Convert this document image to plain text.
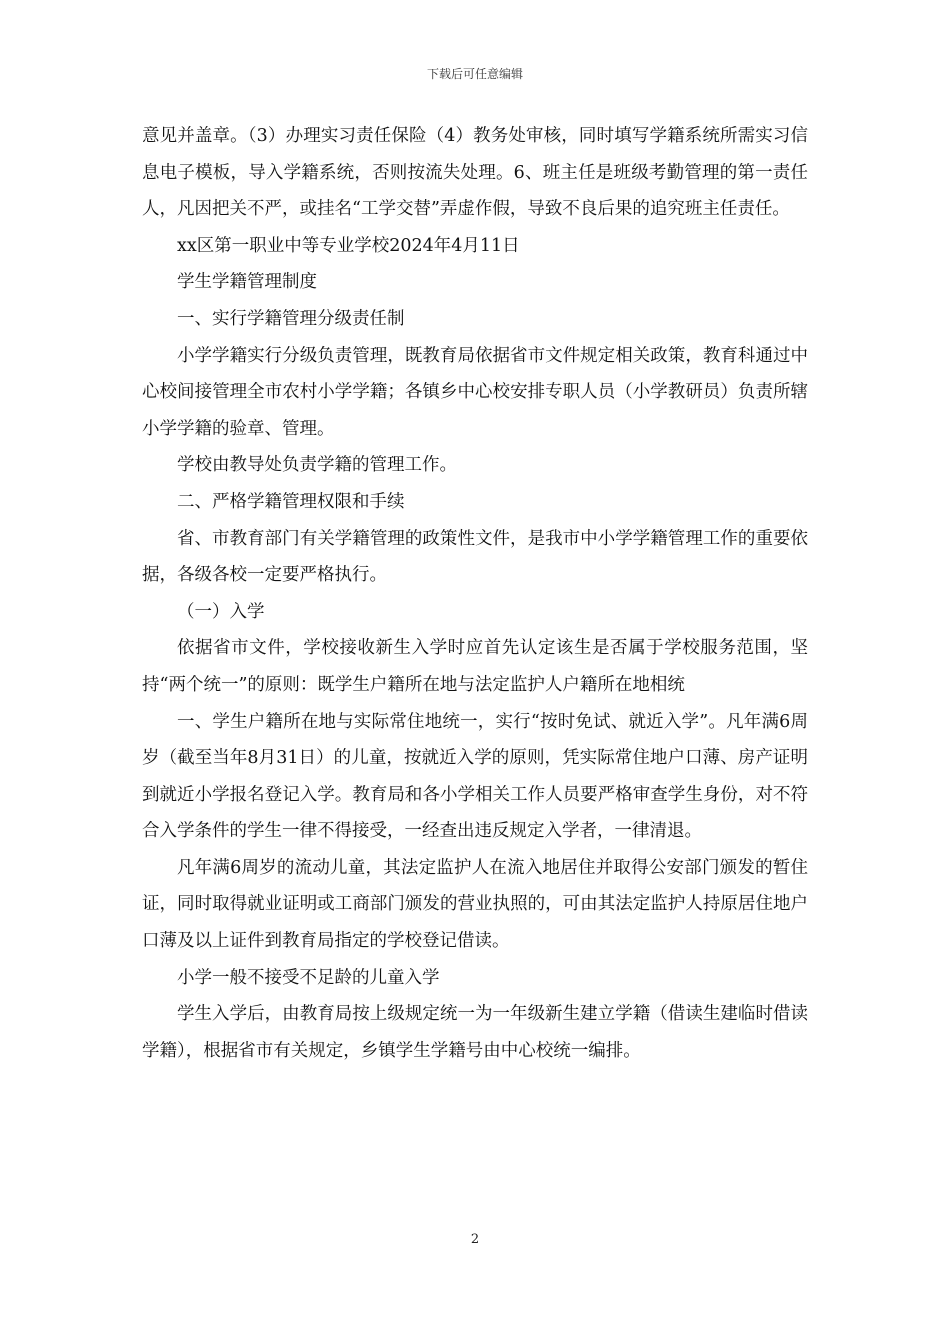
下载后可任意编辑

意见并盖章。（3）办理实习责任保险（4）教务处审核，同时填写学籍系统所需实习信息电子模板，导入学籍系统，否则按流失处理。6、班主任是班级考勤管理的第一责任人，凡因把关不严，或挂名“工学交替”弄虚作假，导致不良后果的追究班主任责任。

xx区第一职业中等专业学校2024年4月11日

学生学籍管理制度

一、实行学籍管理分级责任制

小学学籍实行分级负责管理，既教育局依据省市文件规定相关政策，教育科通过中心校间接管理全市农村小学学籍；各镇乡中心校安排专职人员（小学教研员）负责所辖小学学籍的验章、管理。

学校由教导处负责学籍的管理工作。

二、严格学籍管理权限和手续

省、市教育部门有关学籍管理的政策性文件，是我市中小学学籍管理工作的重要依据，各级各校一定要严格执行。

（一）入学

依据省市文件，学校接收新生入学时应首先认定该生是否属于学校服务范围，坚持“两个统一”的原则：既学生户籍所在地与法定监护人户籍所在地相统

一、学生户籍所在地与实际常住地统一，实行“按时免试、就近入学”。凡年满6周岁（截至当年8月31日）的儿童，按就近入学的原则，凭实际常住地户口薄、房产证明到就近小学报名登记入学。教育局和各小学相关工作人员要严格审查学生身份，对不符合入学条件的学生一律不得接受，一经查出违反规定入学者，一律清退。

凡年满6周岁的流动儿童，其法定监护人在流入地居住并取得公安部门颁发的暂住证，同时取得就业证明或工商部门颁发的营业执照的，可由其法定监护人持原居住地户口薄及以上证件到教育局指定的学校登记借读。

小学一般不接受不足龄的儿童入学

学生入学后，由教育局按上级规定统一为一年级新生建立学籍（借读生建临时借读学籍），根据省市有关规定，乡镇学生学籍号由中心校统一编排。

2
